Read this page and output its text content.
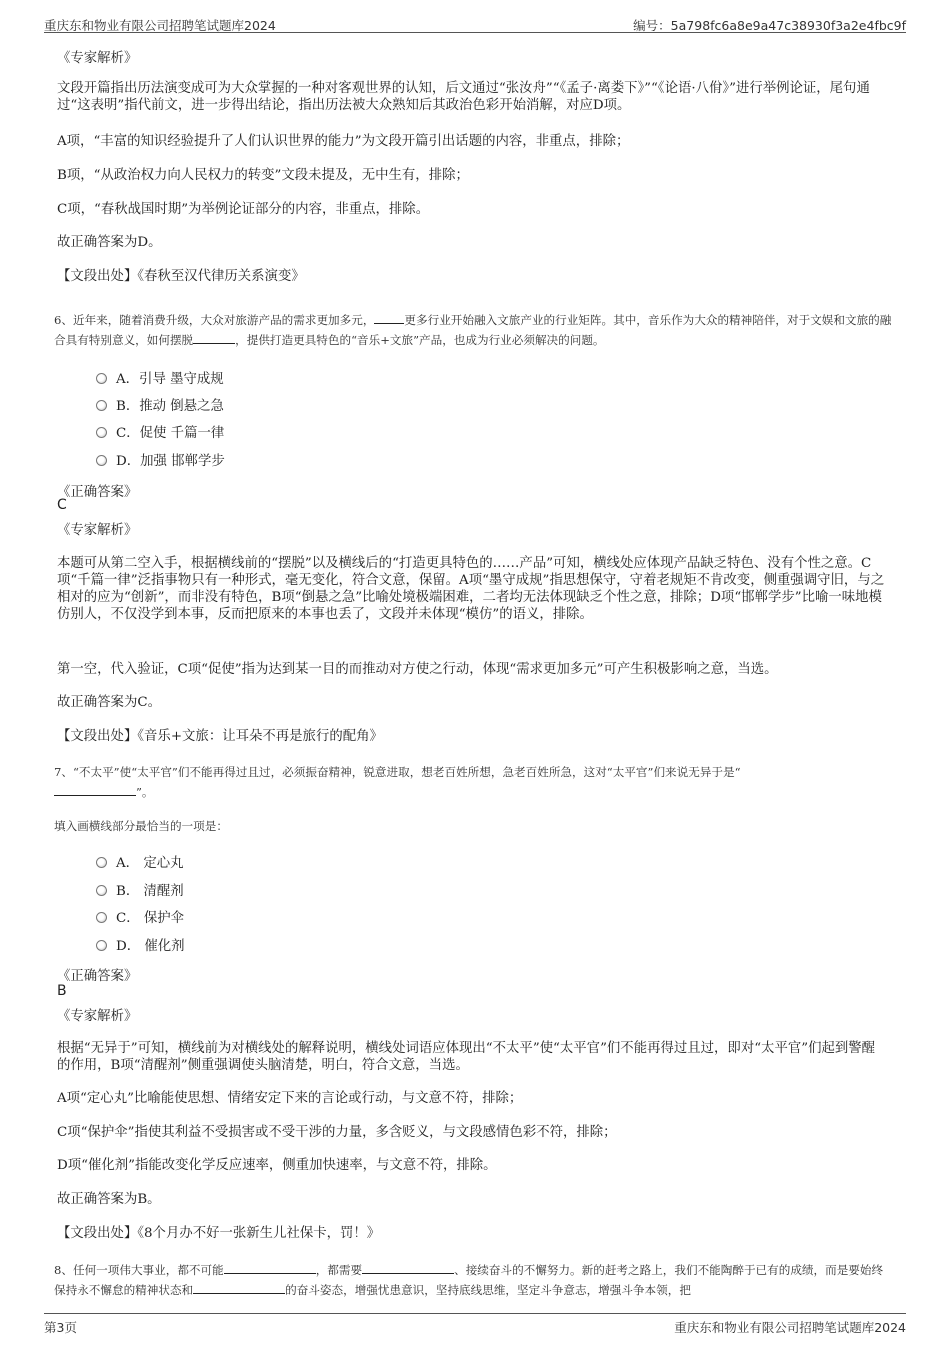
重庆东和物业有限公司招聘笔试题库2024	编号：5a798fc6a8e9a47c38930f3a2e4fbc9f
《专家解析》
文段开篇指出历法演变成可为大众掌握的一种对客观世界的认知，后文通过“张汝舟”“《孟子·离娄下》”“《论语·八佾》”进行举例论证，尾句通过“这表明”指代前文，进一步得出结论，指出历法被大众熟知后其政治色彩开始消解，对应D项。
A项，“丰富的知识经验提升了人们认识世界的能力”为文段开篇引出话题的内容，非重点，排除；
B项，“从政治权力向人民权力的转变”文段未提及，无中生有，排除；
C项，“春秋战国时期”为举例论证部分的内容，非重点，排除。
故正确答案为D。
【文段出处】《春秋至汉代律历关系演变》
6、近年来，随着消费升级，大众对旅游产品的需求更加多元，	更多行业开始融入文旅产业的行业矩阵。其中，音乐作为大众的精神陪伴，对于文娱和文旅的融合具有特别意义，如何摆脱	，提供打造更具特色的“音乐+文旅”产品，也成为行业必须解决的问题。
A．引导 墨守成规
B．推动 倒悬之急
C．促使 千篇一律
D．加强 邯郸学步
《正确答案》
C
《专家解析》
本题可从第二空入手，根据横线前的“摆脱”以及横线后的“打造更具特色的……产品”可知，横线处应体现产品缺乏特色、没有个性之意。C项“千篇一律”泛指事物只有一种形式，毫无变化，符合文意，保留。A项“墨守成规”指思想保守，守着老规矩不肯改变，侧重强调守旧，与之相对的应为“创新”，而非没有特色，B项“倒悬之急”比喻处境极端困难，二者均无法体现缺乏个性之意，排除；D项“邯郸学步”比喻一味地模仿别人，不仅没学到本事，反而把原来的本事也丢了，文段并未体现“模仿”的语义，排除。
第一空，代入验证，C项“促使”指为达到某一目的而推动对方使之行动，体现“需求更加多元”可产生积极影响之意，当选。
故正确答案为C。
【文段出处】《音乐+文旅：让耳朵不再是旅行的配角》
7、“不太平”使“太平官”们不能再得过且过，必须振奋精神，锐意进取，想老百姓所想，急老百姓所急，这对“太平官”们来说无异于是“
”。
填入画横线部分最恰当的一项是：
A． 定心丸
B． 清醒剂
C． 保护伞
D． 催化剂
《正确答案》
B
《专家解析》
根据“无异于”可知，横线前为对横线处的解释说明，横线处词语应体现出“不太平”使“太平官”们不能再得过且过，即对“太平官”们起到警醒的作用，B项“清醒剂”侧重强调使头脑清楚，明白，符合文意，当选。
A项“定心丸”比喻能使思想、情绪安定下来的言论或行动，与文意不符，排除；
C项“保护伞”指使其利益不受损害或不受干涉的力量，多含贬义，与文段感情色彩不符，排除；
D项“催化剂”指能改变化学反应速率，侧重加快速率，与文意不符，排除。
故正确答案为B。
【文段出处】《8个月办不好一张新生儿社保卡，罚！》
8、任何一项伟大事业，都不可能	，都需要	、接续奋斗的不懈努力。新的赶考之路上，我们不能陶醉于已有的成绩，而是要始终保持永不懈怠的精神状态和	的奋斗姿态，增强忧患意识，坚持底线思维，坚定斗争意志，增强斗争本领，把
第3页	重庆东和物业有限公司招聘笔试题库2024
